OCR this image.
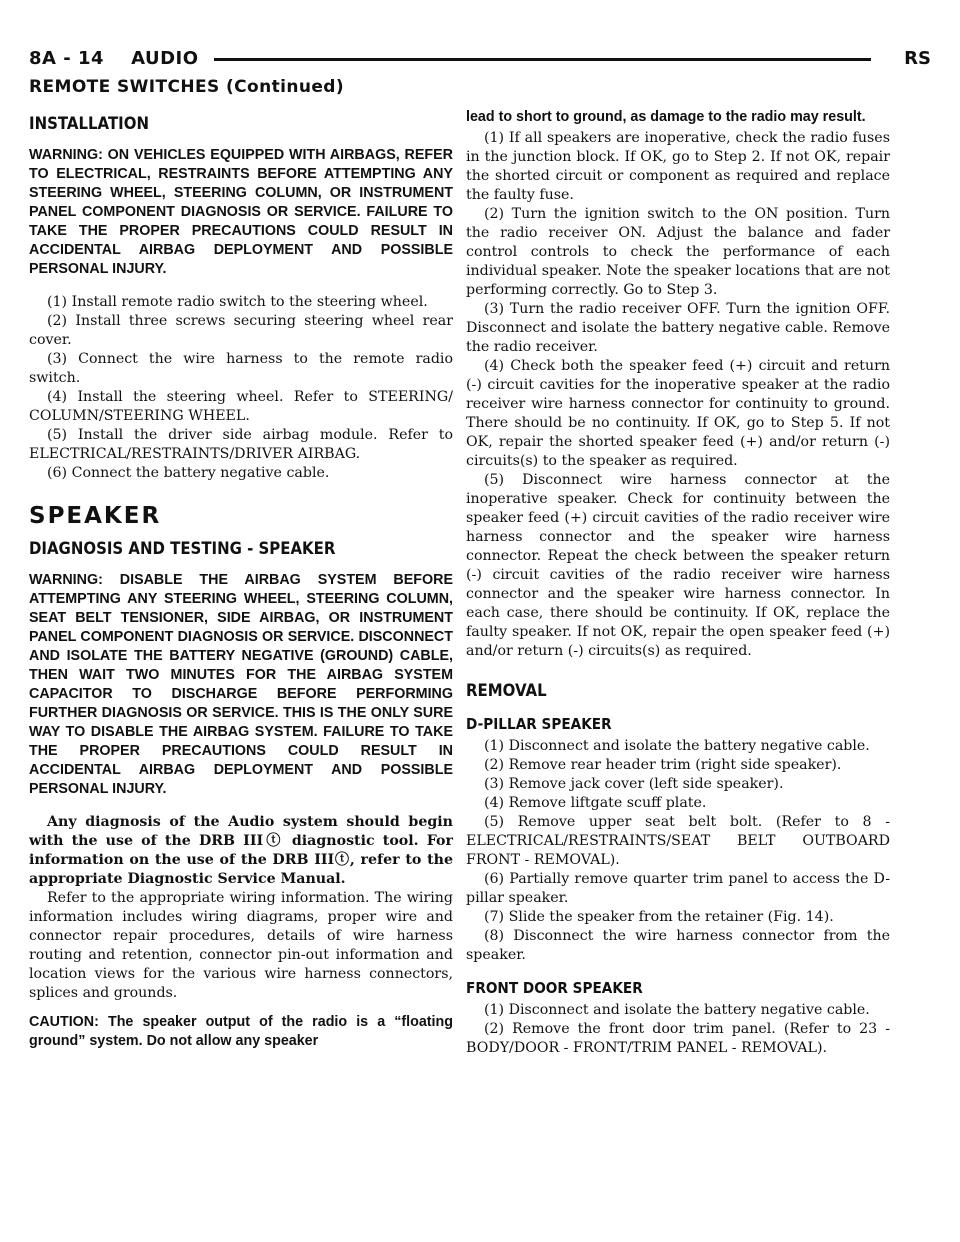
8A - 14    AUDIO	RS
REMOTE SWITCHES (Continued)
INSTALLATION
WARNING: ON VEHICLES EQUIPPED WITH AIRBAGS, REFER TO ELECTRICAL, RESTRAINTS BEFORE ATTEMPTING ANY STEERING WHEEL, STEERING COLUMN, OR INSTRUMENT PANEL COMPONENT DIAGNOSIS OR SERVICE. FAILURE TO TAKE THE PROPER PRECAUTIONS COULD RESULT IN ACCIDENTAL AIRBAG DEPLOYMENT AND POSSIBLE PERSONAL INJURY.

(1) Install remote radio switch to the steering wheel.

(2) Install three screws securing steering wheel rear cover.

(3) Connect the wire harness to the remote radio switch.

(4) Install the steering wheel. Refer to STEERING/ COLUMN/STEERING WHEEL.

(5) Install the driver side airbag module. Refer to ELECTRICAL/RESTRAINTS/DRIVER AIRBAG.

(6) Connect the battery negative cable.

SPEAKER
DIAGNOSIS AND TESTING - SPEAKER
WARNING: DISABLE THE AIRBAG SYSTEM BEFORE ATTEMPTING ANY STEERING WHEEL, STEERING COLUMN, SEAT BELT TENSIONER, SIDE AIRBAG, OR INSTRUMENT PANEL COMPONENT DIAGNOSIS OR SERVICE. DISCONNECT AND ISOLATE THE BATTERY NEGATIVE (GROUND) CABLE, THEN WAIT TWO MINUTES FOR THE AIRBAG SYSTEM CAPACITOR TO DISCHARGE BEFORE PERFORMING FURTHER DIAGNOSIS OR SERVICE. THIS IS THE ONLY SURE WAY TO DISABLE THE AIRBAG SYSTEM. FAILURE TO TAKE THE PROPER PRECAUTIONS COULD RESULT IN ACCIDENTAL AIRBAG DEPLOYMENT AND POSSIBLE PERSONAL INJURY.

Any diagnosis of the Audio system should begin with the use of the DRB IIIⓣ diagnostic tool. For information on the use of the DRB IIIⓣ, refer to the appropriate Diagnostic Service Manual.

Refer to the appropriate wiring information. The wiring information includes wiring diagrams, proper wire and connector repair procedures, details of wire harness routing and retention, connector pin-out information and location views for the various wire harness connectors, splices and grounds.

CAUTION: The speaker output of the radio is a “floating ground” system. Do not allow any speaker
lead to short to ground, as damage to the radio may result.

(1) If all speakers are inoperative, check the radio fuses in the junction block. If OK, go to Step 2. If not OK, repair the shorted circuit or component as required and replace the faulty fuse.

(2) Turn the ignition switch to the ON position. Turn the radio receiver ON. Adjust the balance and fader control controls to check the performance of each individual speaker. Note the speaker locations that are not performing correctly. Go to Step 3.

(3) Turn the radio receiver OFF. Turn the ignition OFF. Disconnect and isolate the battery negative cable. Remove the radio receiver.

(4) Check both the speaker feed (+) circuit and return (-) circuit cavities for the inoperative speaker at the radio receiver wire harness connector for continuity to ground. There should be no continuity. If OK, go to Step 5. If not OK, repair the shorted speaker feed (+) and/or return (-) circuits(s) to the speaker as required.

(5) Disconnect wire harness connector at the inoperative speaker. Check for continuity between the speaker feed (+) circuit cavities of the radio receiver wire harness connector and the speaker wire harness connector. Repeat the check between the speaker return (-) circuit cavities of the radio receiver wire harness connector and the speaker wire harness connector. In each case, there should be continuity. If OK, replace the faulty speaker. If not OK, repair the open speaker feed (+) and/or return (-) circuits(s) as required.

REMOVAL
D-PILLAR SPEAKER

(1) Disconnect and isolate the battery negative cable.

(2) Remove rear header trim (right side speaker).

(3) Remove jack cover (left side speaker).

(4) Remove liftgate scuff plate.

(5) Remove upper seat belt bolt. (Refer to 8 - ELECTRICAL/RESTRAINTS/SEAT BELT OUTBOARD FRONT - REMOVAL).

(6) Partially remove quarter trim panel to access the D-pillar speaker.

(7) Slide the speaker from the retainer (Fig. 14).

(8) Disconnect the wire harness connector from the speaker.

FRONT DOOR SPEAKER

(1) Disconnect and isolate the battery negative cable.

(2) Remove the front door trim panel. (Refer to 23 - BODY/DOOR - FRONT/TRIM PANEL - REMOVAL).
